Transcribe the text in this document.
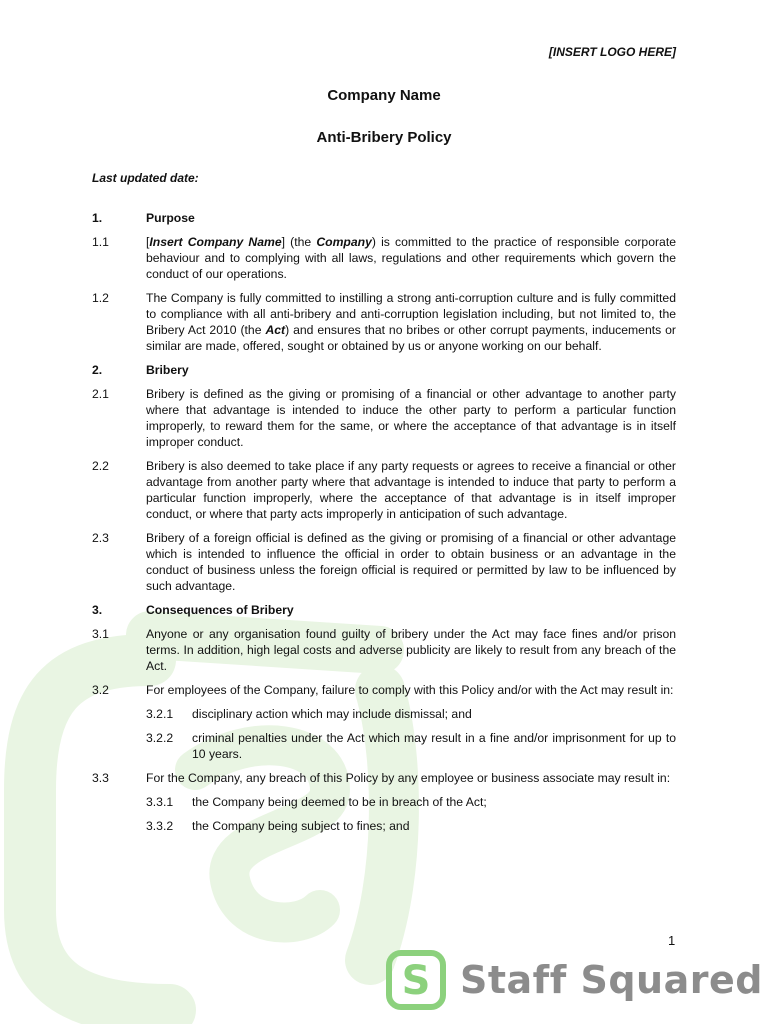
[INSERT LOGO HERE]
Company Name
Anti-Bribery Policy
Last updated date:
1.	Purpose
1.1	[Insert Company Name] (the Company) is committed to the practice of responsible corporate behaviour and to complying with all laws, regulations and other requirements which govern the conduct of our operations.
1.2	The Company is fully committed to instilling a strong anti-corruption culture and is fully committed to compliance with all anti-bribery and anti-corruption legislation including, but not limited to, the Bribery Act 2010 (the Act) and ensures that no bribes or other corrupt payments, inducements or similar are made, offered, sought or obtained by us or anyone working on our behalf.
2.	Bribery
2.1	Bribery is defined as the giving or promising of a financial or other advantage to another party where that advantage is intended to induce the other party to perform a particular function improperly, to reward them for the same, or where the acceptance of that advantage is in itself improper conduct.
2.2	Bribery is also deemed to take place if any party requests or agrees to receive a financial or other advantage from another party where that advantage is intended to induce that party to perform a particular function improperly, where the acceptance of that advantage is in itself improper conduct, or where that party acts improperly in anticipation of such advantage.
2.3	Bribery of a foreign official is defined as the giving or promising of a financial or other advantage which is intended to influence the official in order to obtain business or an advantage in the conduct of business unless the foreign official is required or permitted by law to be influenced by such advantage.
3.	Consequences of Bribery
3.1	Anyone or any organisation found guilty of bribery under the Act may face fines and/or prison terms. In addition, high legal costs and adverse publicity are likely to result from any breach of the Act.
3.2	For employees of the Company, failure to comply with this Policy and/or with the Act may result in:
3.2.1	disciplinary action which may include dismissal; and
3.2.2	criminal penalties under the Act which may result in a fine and/or imprisonment for up to 10 years.
3.3	For the Company, any breach of this Policy by any employee or business associate may result in:
3.3.1	the Company being deemed to be in breach of the Act;
3.3.2	the Company being subject to fines; and
1
S Staff Squared
